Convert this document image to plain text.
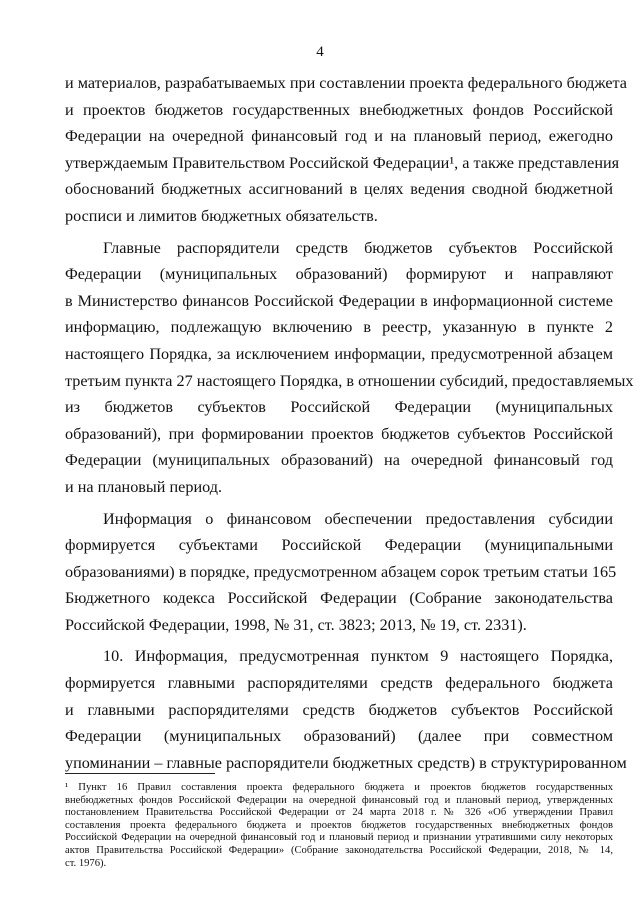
4
и материалов, разрабатываемых при составлении проекта федерального бюджета
и проектов бюджетов государственных внебюджетных фондов Российской
Федерации на очередной финансовый год и на плановый период, ежегодно
утверждаемым Правительством Российской Федерации¹, а также представления
обоснований бюджетных ассигнований в целях ведения сводной бюджетной
росписи и лимитов бюджетных обязательств.
Главные распорядители средств бюджетов субъектов Российской
Федерации (муниципальных образований) формируют и направляют
в Министерство финансов Российской Федерации в информационной системе
информацию, подлежащую включению в реестр, указанную в пункте 2
настоящего Порядка, за исключением информации, предусмотренной абзацем
третьим пункта 27 настоящего Порядка, в отношении субсидий, предоставляемых
из бюджетов субъектов Российской Федерации (муниципальных
образований), при формировании проектов бюджетов субъектов Российской
Федерации (муниципальных образований) на очередной финансовый год
и на плановый период.
Информация о финансовом обеспечении предоставления субсидии
формируется субъектами Российской Федерации (муниципальными
образованиями) в порядке, предусмотренном абзацем сорок третьим статьи 165
Бюджетного кодекса Российской Федерации (Собрание законодательства
Российской Федерации, 1998, № 31, ст. 3823; 2013, № 19, ст. 2331).
10. Информация, предусмотренная пунктом 9 настоящего Порядка,
формируется главными распорядителями средств федерального бюджета
и главными распорядителями средств бюджетов субъектов Российской
Федерации (муниципальных образований) (далее при совместном
упоминании – главные распорядители бюджетных средств) в структурированном
¹ Пункт 16 Правил составления проекта федерального бюджета и проектов бюджетов государственных
внебюджетных фондов Российской Федерации на очередной финансовый год и плановый период, утвержденных
постановлением Правительства Российской Федерации от 24 марта 2018 г. № 326 «Об утверждении Правил
составления проекта федерального бюджета и проектов бюджетов государственных внебюджетных фондов
Российской Федерации на очередной финансовый год и плановый период и признании утратившими силу некоторых
актов Правительства Российской Федерации» (Собрание законодательства Российской Федерации, 2018, № 14,
ст. 1976).
